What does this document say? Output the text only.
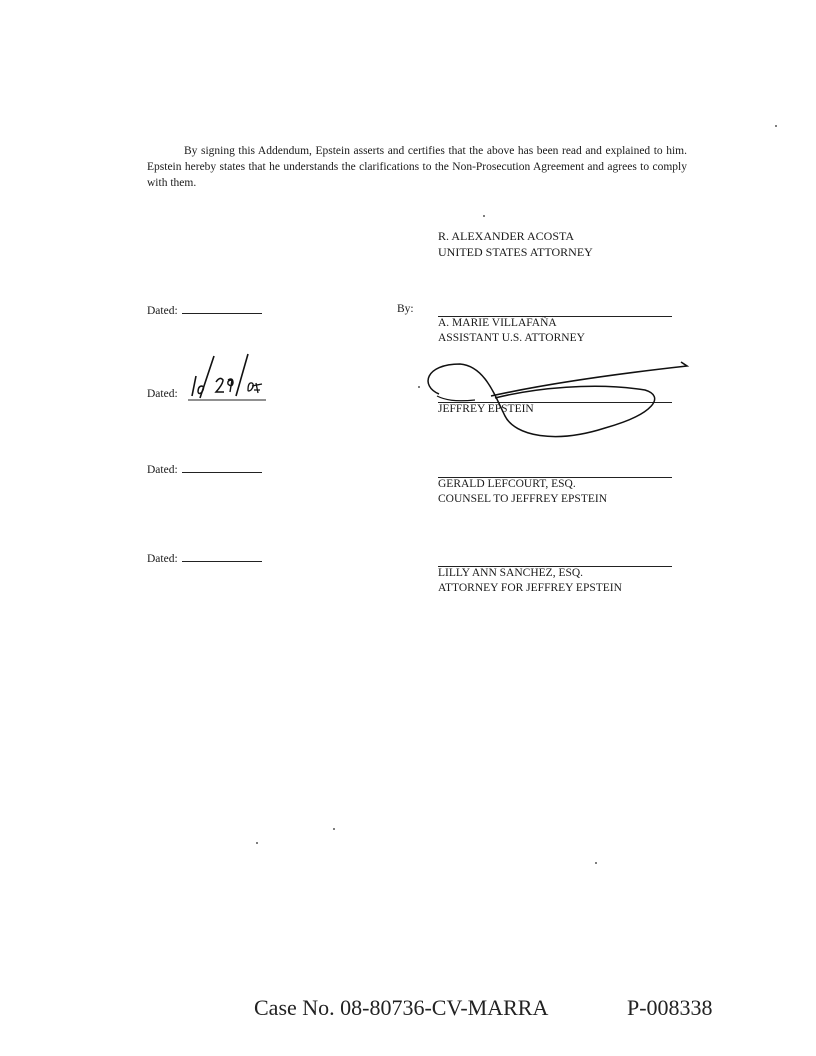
By signing this Addendum, Epstein asserts and certifies that the above has been read and explained to him. Epstein hereby states that he understands the clarifications to the Non-Prosecution Agreement and agrees to comply with them.

R. ALEXANDER ACOSTA
UNITED STATES ATTORNEY
Dated:	By:
A. MARIE VILLAFAÑA
ASSISTANT U.S. ATTORNEY
Dated:
JEFFREY EPSTEIN
Dated:
GERALD LEFCOURT, ESQ.
COUNSEL TO JEFFREY EPSTEIN
Dated:
LILLY ANN SANCHEZ, ESQ.
ATTORNEY FOR JEFFREY EPSTEIN
Case No. 08-80736-CV-MARRA	P-008338
